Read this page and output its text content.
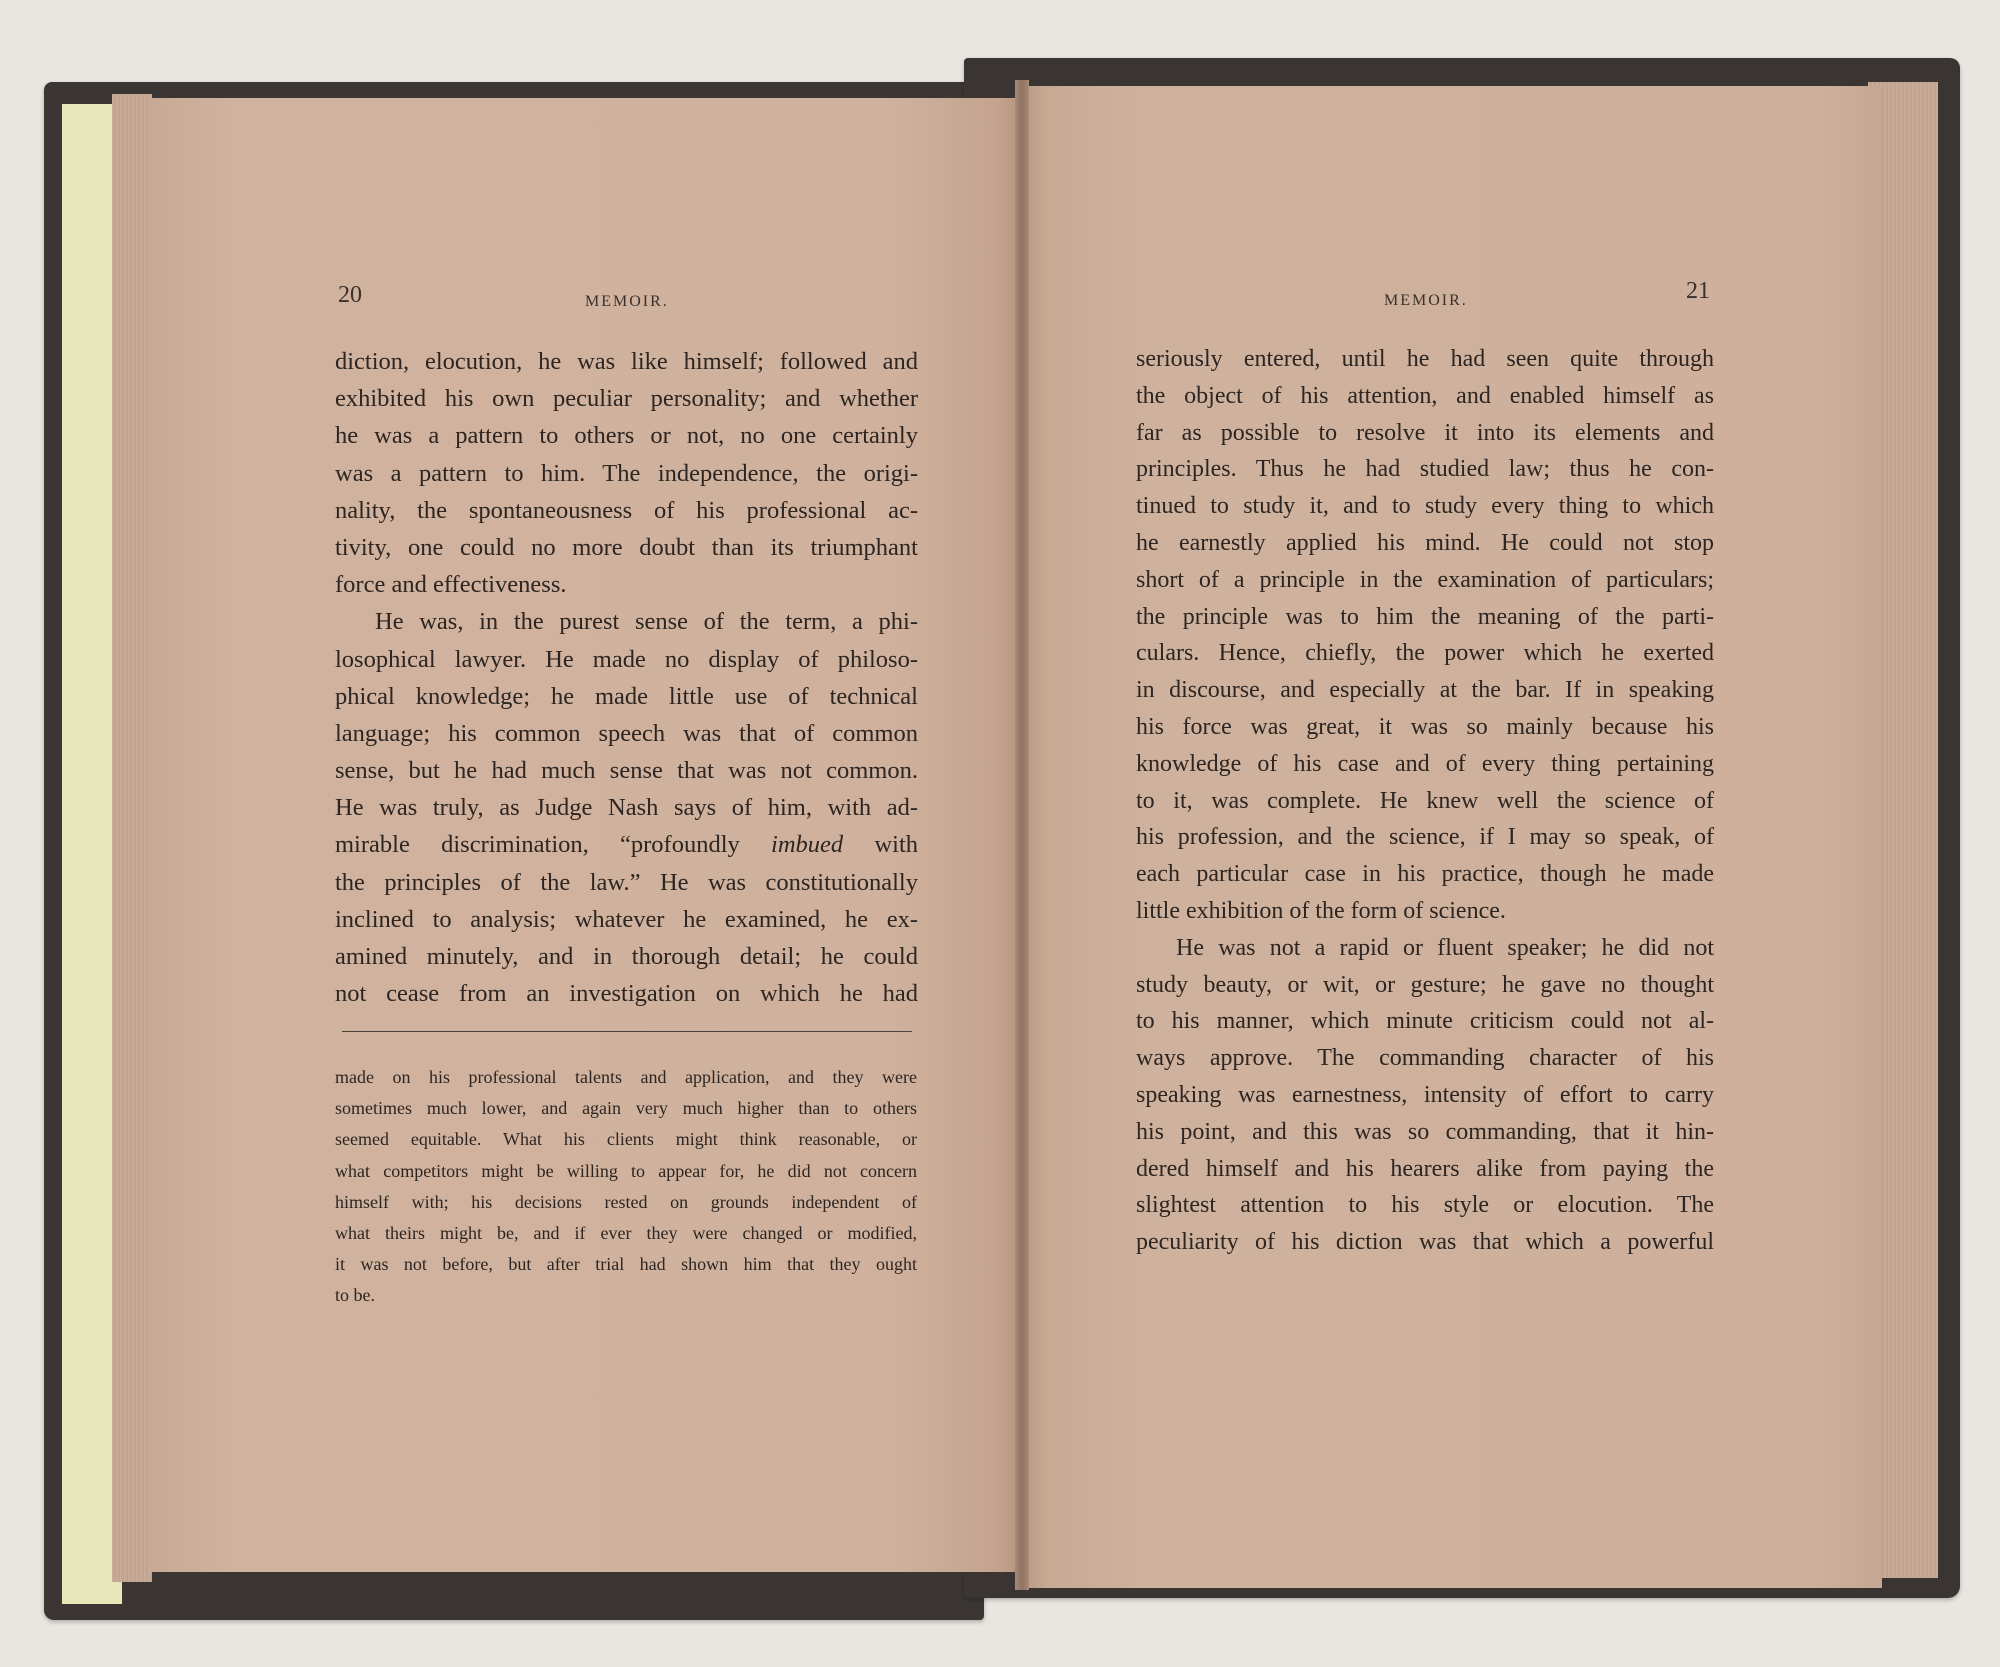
20	MEMOIR.
diction, elocution, he was like himself; followed and
exhibited his own peculiar personality; and whether
he was a pattern to others or not, no one certainly
was a pattern to him. The independence, the origi-
nality, the spontaneousness of his professional ac-
tivity, one could no more doubt than its triumphant
force and effectiveness.
He was, in the purest sense of the term, a phi-
losophical lawyer. He made no display of philoso-
phical knowledge; he made little use of technical
language; his common speech was that of common
sense, but he had much sense that was not common.
He was truly, as Judge Nash says of him, with ad-
mirable discrimination, “profoundly imbued with
the principles of the law.” He was constitutionally
inclined to analysis; whatever he examined, he ex-
amined minutely, and in thorough detail; he could
not cease from an investigation on which he had
made on his professional talents and application, and they were
sometimes much lower, and again very much higher than to others
seemed equitable. What his clients might think reasonable, or
what competitors might be willing to appear for, he did not concern
himself with; his decisions rested on grounds independent of
what theirs might be, and if ever they were changed or modified,
it was not before, but after trial had shown him that they ought
to be.
MEMOIR.	21
seriously entered, until he had seen quite through
the object of his attention, and enabled himself as
far as possible to resolve it into its elements and
principles. Thus he had studied law; thus he con-
tinued to study it, and to study every thing to which
he earnestly applied his mind. He could not stop
short of a principle in the examination of particulars;
the principle was to him the meaning of the parti-
culars. Hence, chiefly, the power which he exerted
in discourse, and especially at the bar. If in speaking
his force was great, it was so mainly because his
knowledge of his case and of every thing pertaining
to it, was complete. He knew well the science of
his profession, and the science, if I may so speak, of
each particular case in his practice, though he made
little exhibition of the form of science.
He was not a rapid or fluent speaker; he did not
study beauty, or wit, or gesture; he gave no thought
to his manner, which minute criticism could not al-
ways approve. The commanding character of his
speaking was earnestness, intensity of effort to carry
his point, and this was so commanding, that it hin-
dered himself and his hearers alike from paying the
slightest attention to his style or elocution. The
peculiarity of his diction was that which a powerful
